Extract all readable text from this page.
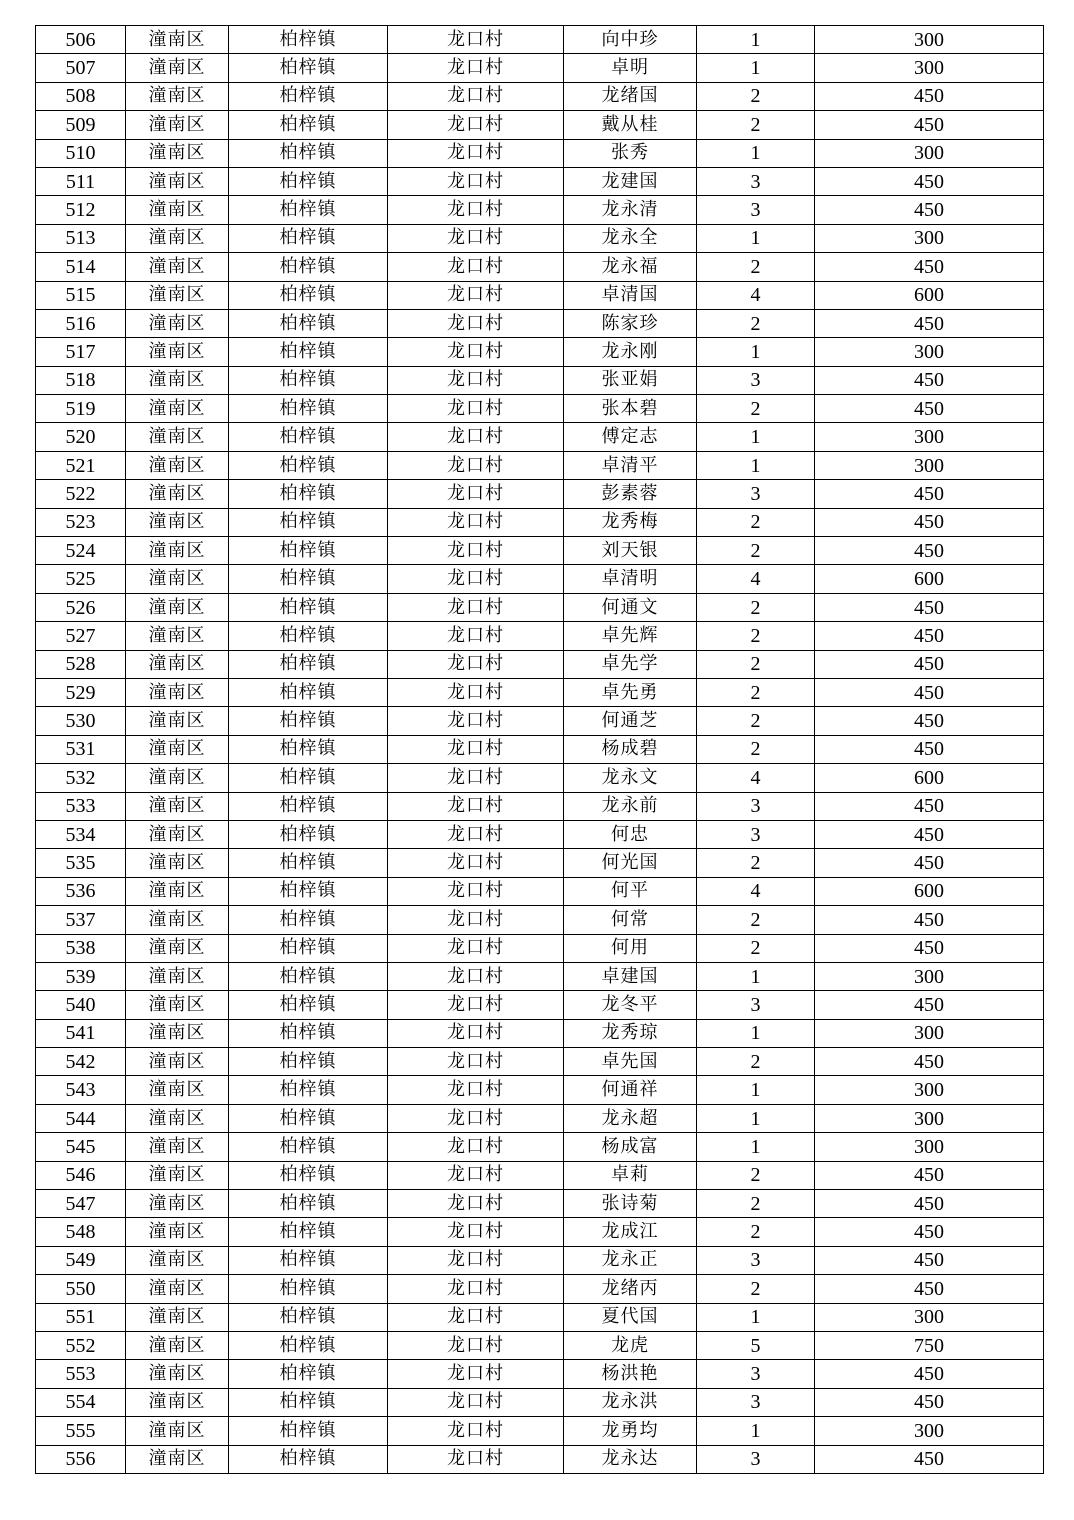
506	潼南区	柏梓镇	龙口村	向中珍	1	300
507	潼南区	柏梓镇	龙口村	卓明	1	300
508	潼南区	柏梓镇	龙口村	龙绪国	2	450
509	潼南区	柏梓镇	龙口村	戴从桂	2	450
510	潼南区	柏梓镇	龙口村	张秀	1	300
511	潼南区	柏梓镇	龙口村	龙建国	3	450
512	潼南区	柏梓镇	龙口村	龙永清	3	450
513	潼南区	柏梓镇	龙口村	龙永全	1	300
514	潼南区	柏梓镇	龙口村	龙永福	2	450
515	潼南区	柏梓镇	龙口村	卓清国	4	600
516	潼南区	柏梓镇	龙口村	陈家珍	2	450
517	潼南区	柏梓镇	龙口村	龙永刚	1	300
518	潼南区	柏梓镇	龙口村	张亚娟	3	450
519	潼南区	柏梓镇	龙口村	张本碧	2	450
520	潼南区	柏梓镇	龙口村	傅定志	1	300
521	潼南区	柏梓镇	龙口村	卓清平	1	300
522	潼南区	柏梓镇	龙口村	彭素蓉	3	450
523	潼南区	柏梓镇	龙口村	龙秀梅	2	450
524	潼南区	柏梓镇	龙口村	刘天银	2	450
525	潼南区	柏梓镇	龙口村	卓清明	4	600
526	潼南区	柏梓镇	龙口村	何通文	2	450
527	潼南区	柏梓镇	龙口村	卓先辉	2	450
528	潼南区	柏梓镇	龙口村	卓先学	2	450
529	潼南区	柏梓镇	龙口村	卓先勇	2	450
530	潼南区	柏梓镇	龙口村	何通芝	2	450
531	潼南区	柏梓镇	龙口村	杨成碧	2	450
532	潼南区	柏梓镇	龙口村	龙永文	4	600
533	潼南区	柏梓镇	龙口村	龙永前	3	450
534	潼南区	柏梓镇	龙口村	何忠	3	450
535	潼南区	柏梓镇	龙口村	何光国	2	450
536	潼南区	柏梓镇	龙口村	何平	4	600
537	潼南区	柏梓镇	龙口村	何常	2	450
538	潼南区	柏梓镇	龙口村	何用	2	450
539	潼南区	柏梓镇	龙口村	卓建国	1	300
540	潼南区	柏梓镇	龙口村	龙冬平	3	450
541	潼南区	柏梓镇	龙口村	龙秀琼	1	300
542	潼南区	柏梓镇	龙口村	卓先国	2	450
543	潼南区	柏梓镇	龙口村	何通祥	1	300
544	潼南区	柏梓镇	龙口村	龙永超	1	300
545	潼南区	柏梓镇	龙口村	杨成富	1	300
546	潼南区	柏梓镇	龙口村	卓莉	2	450
547	潼南区	柏梓镇	龙口村	张诗菊	2	450
548	潼南区	柏梓镇	龙口村	龙成江	2	450
549	潼南区	柏梓镇	龙口村	龙永正	3	450
550	潼南区	柏梓镇	龙口村	龙绪丙	2	450
551	潼南区	柏梓镇	龙口村	夏代国	1	300
552	潼南区	柏梓镇	龙口村	龙虎	5	750
553	潼南区	柏梓镇	龙口村	杨洪艳	3	450
554	潼南区	柏梓镇	龙口村	龙永洪	3	450
555	潼南区	柏梓镇	龙口村	龙勇均	1	300
556	潼南区	柏梓镇	龙口村	龙永达	3	450
